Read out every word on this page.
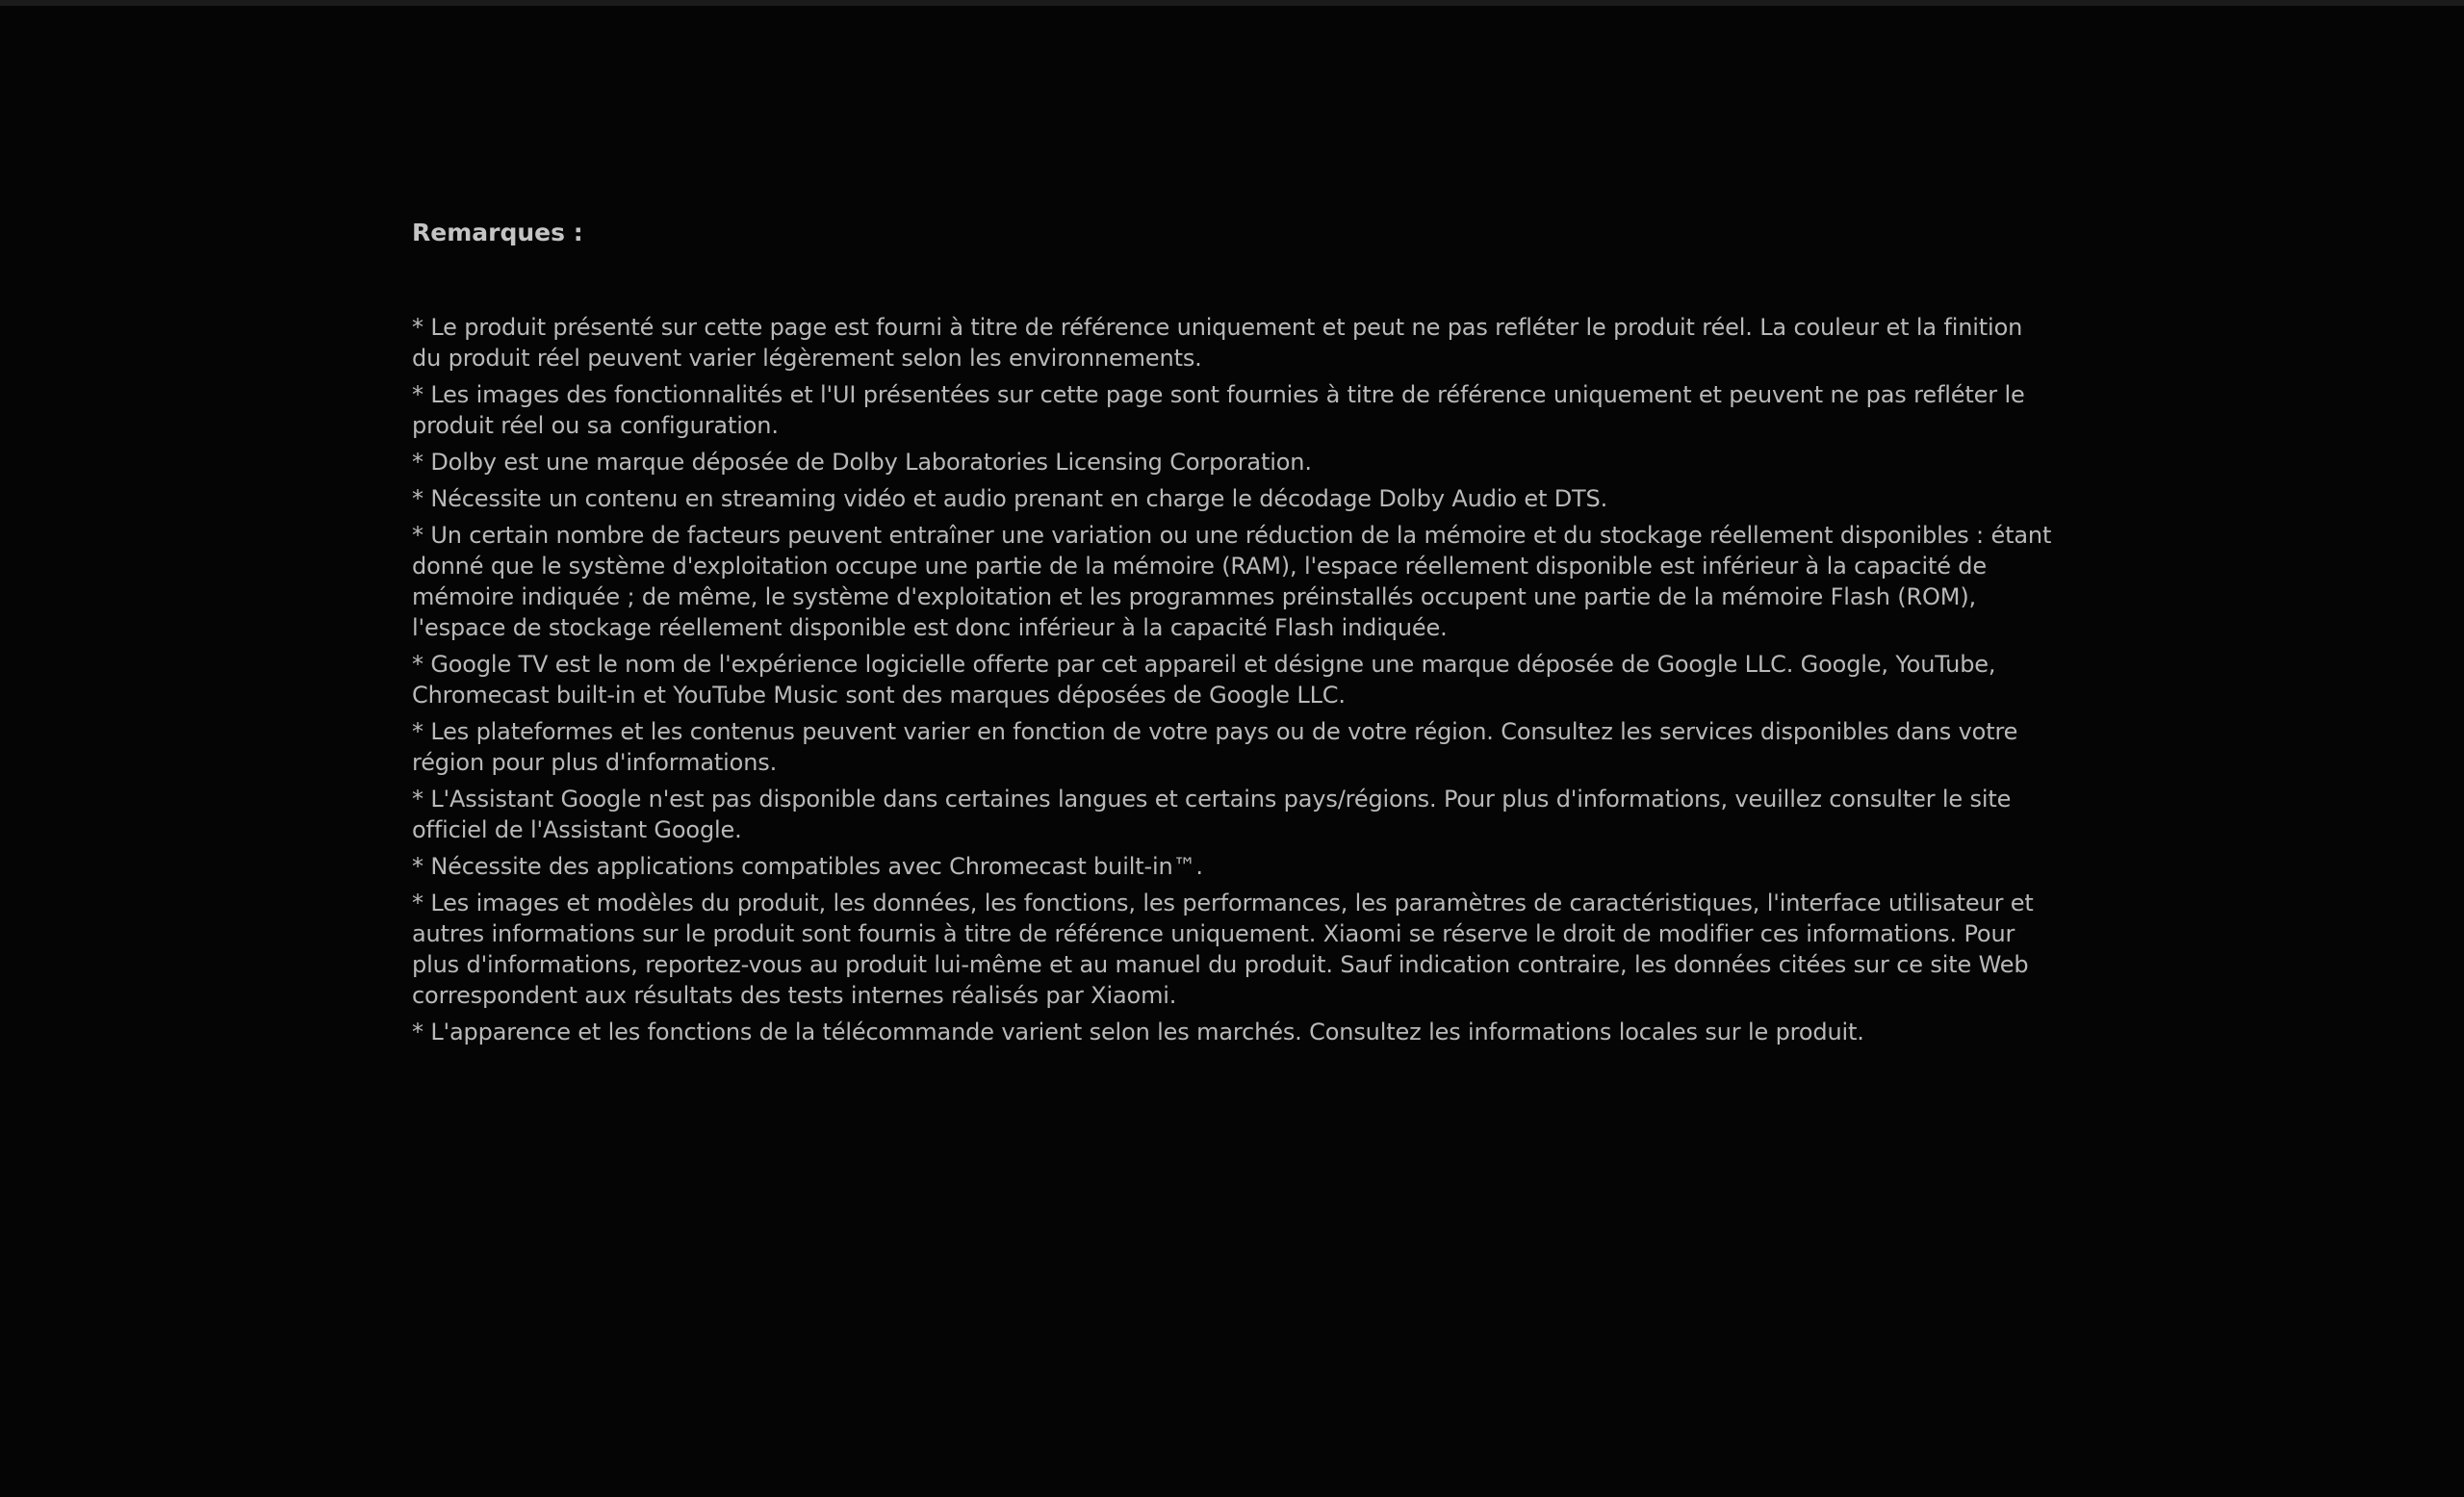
Remarques :
* Le produit présenté sur cette page est fourni à titre de référence uniquement et peut ne pas refléter le produit réel. La couleur et la finition du produit réel peuvent varier légèrement selon les environnements.
* Les images des fonctionnalités et l'UI présentées sur cette page sont fournies à titre de référence uniquement et peuvent ne pas refléter le produit réel ou sa configuration.
* Dolby est une marque déposée de Dolby Laboratories Licensing Corporation.
* Nécessite un contenu en streaming vidéo et audio prenant en charge le décodage Dolby Audio et DTS.
* Un certain nombre de facteurs peuvent entraîner une variation ou une réduction de la mémoire et du stockage réellement disponibles : étant donné que le système d'exploitation occupe une partie de la mémoire (RAM), l'espace réellement disponible est inférieur à la capacité de mémoire indiquée ; de même, le système d'exploitation et les programmes préinstallés occupent une partie de la mémoire Flash (ROM), l'espace de stockage réellement disponible est donc inférieur à la capacité Flash indiquée.
* Google TV est le nom de l'expérience logicielle offerte par cet appareil et désigne une marque déposée de Google LLC. Google, YouTube, Chromecast built-in et YouTube Music sont des marques déposées de Google LLC.
* Les plateformes et les contenus peuvent varier en fonction de votre pays ou de votre région. Consultez les services disponibles dans votre région pour plus d'informations.
* L'Assistant Google n'est pas disponible dans certaines langues et certains pays/régions. Pour plus d'informations, veuillez consulter le site officiel de l'Assistant Google.
* Nécessite des applications compatibles avec Chromecast built-in™.
* Les images et modèles du produit, les données, les fonctions, les performances, les paramètres de caractéristiques, l'interface utilisateur et autres informations sur le produit sont fournis à titre de référence uniquement. Xiaomi se réserve le droit de modifier ces informations. Pour plus d'informations, reportez-vous au produit lui-même et au manuel du produit. Sauf indication contraire, les données citées sur ce site Web correspondent aux résultats des tests internes réalisés par Xiaomi.
* L'apparence et les fonctions de la télécommande varient selon les marchés. Consultez les informations locales sur le produit.
